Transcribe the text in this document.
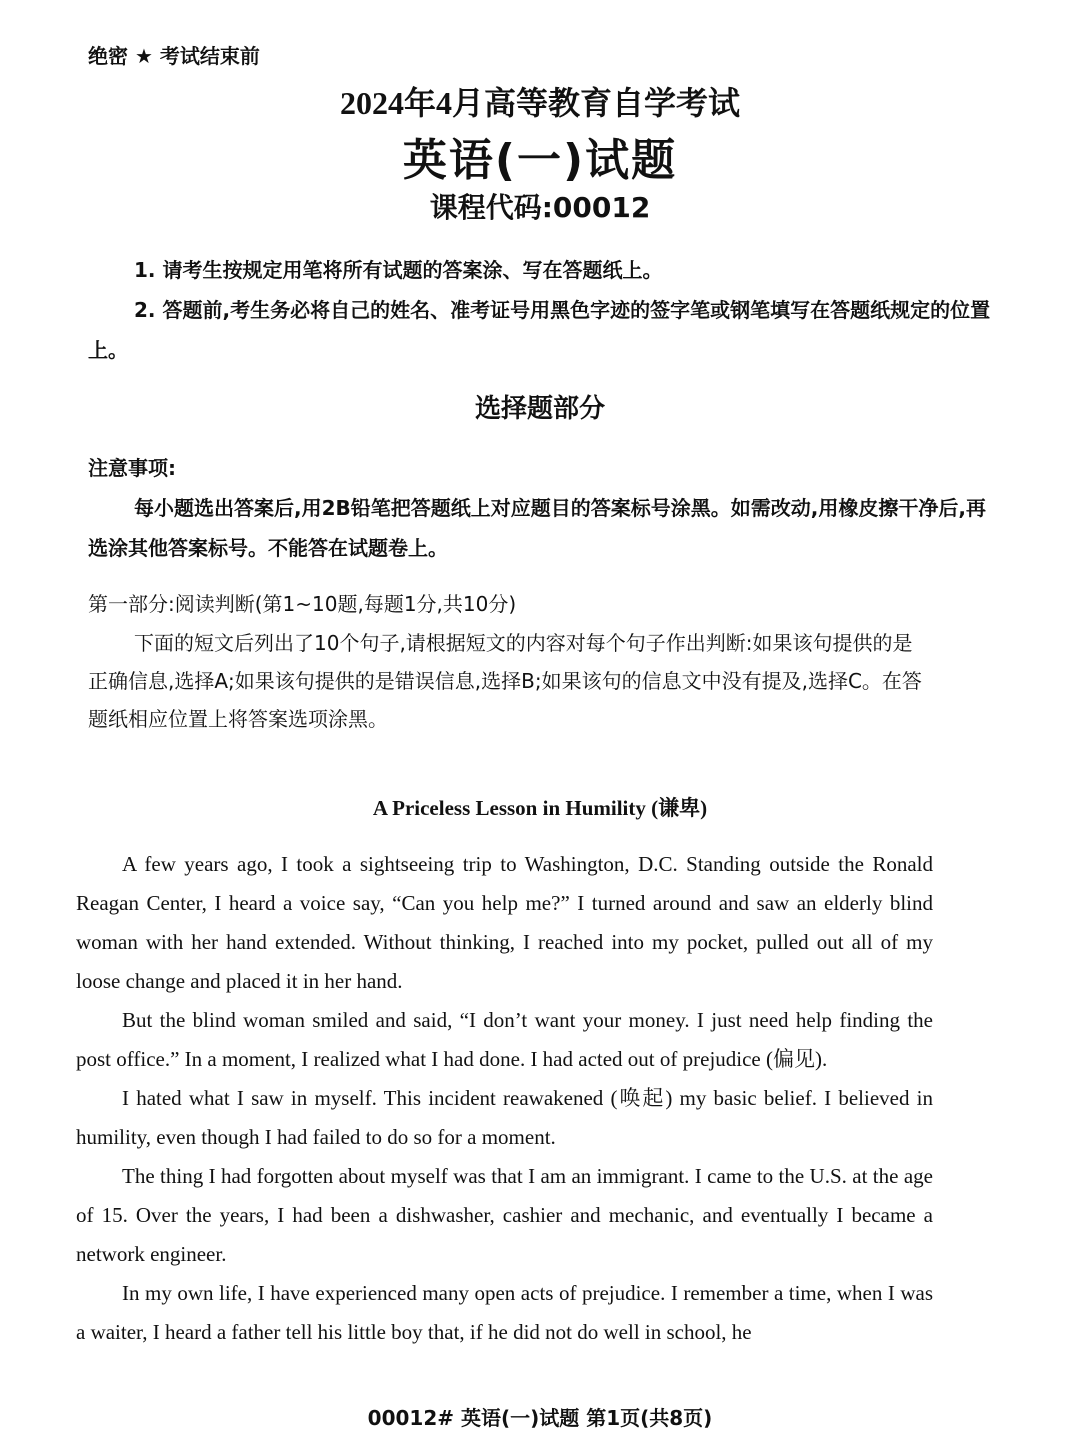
绝密 ★ 考试结束前
2024年4月高等教育自学考试
英语(一)试题
课程代码:00012
1. 请考生按规定用笔将所有试题的答案涂、写在答题纸上。
2. 答题前,考生务必将自己的姓名、准考证号用黑色字迹的签字笔或钢笔填写在答题纸规定的位置上。
选择题部分
注意事项:
每小题选出答案后,用2B铅笔把答题纸上对应题目的答案标号涂黑。如需改动,用橡皮擦干净后,再选涂其他答案标号。不能答在试题卷上。
第一部分:阅读判断(第1~10题,每题1分,共10分)
下面的短文后列出了10个句子,请根据短文的内容对每个句子作出判断:如果该句提供的是正确信息,选择A;如果该句提供的是错误信息,选择B;如果该句的信息文中没有提及,选择C。在答题纸相应位置上将答案选项涂黑。
A Priceless Lesson in Humility (谦卑)
A few years ago, I took a sightseeing trip to Washington, D.C. Standing outside the Ronald Reagan Center, I heard a voice say, “Can you help me?” I turned around and saw an elderly blind woman with her hand extended. Without thinking, I reached into my pocket, pulled out all of my loose change and placed it in her hand.
But the blind woman smiled and said, “I don’t want your money. I just need help finding the post office.” In a moment, I realized what I had done. I had acted out of prejudice (偏见).
I hated what I saw in myself. This incident reawakened (唤起) my basic belief. I believed in humility, even though I had failed to do so for a moment.
The thing I had forgotten about myself was that I am an immigrant. I came to the U.S. at the age of 15. Over the years, I had been a dishwasher, cashier and mechanic, and eventually I became a network engineer.
In my own life, I have experienced many open acts of prejudice. I remember a time, when I was a waiter, I heard a father tell his little boy that, if he did not do well in school, he
00012# 英语(一)试题 第1页(共8页)
